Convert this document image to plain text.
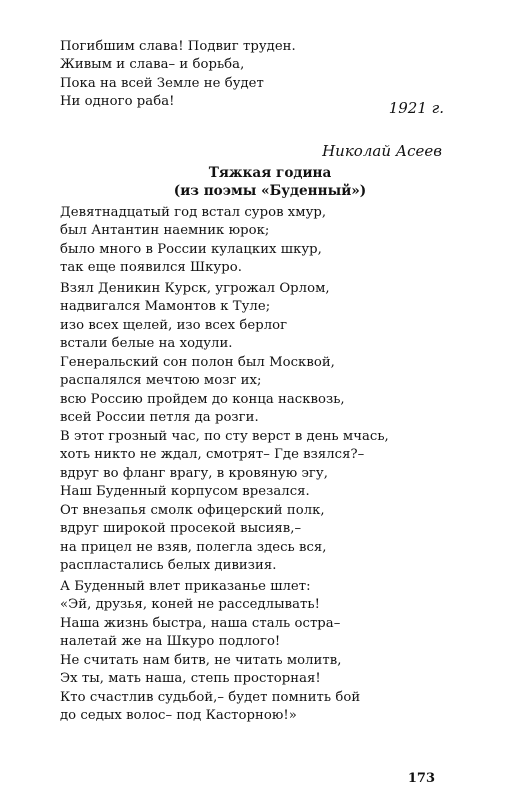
Погибшим слава! Подвиг труден.
Живым и слава– и борьба,
Пока на всей Земле не будет
Ни одного раба!	1921 г.
Николай Асеев
Тяжкая година
(из поэмы «Буденный»)
Девятнадцатый год встал суров хмур,
был Антантин наемник юрок;
было много в России кулацких шкур,
так еще появился Шкуро.
Взял Деникин Курск, угрожал Орлом,
надвигался Мамонтов к Туле;
изо всех щелей, изо всех берлог
встали белые на ходули.
Генеральский сон полон был Москвой,
распалялся мечтою мозг их;
всю Россию пройдем до конца насквозь,
всей России петля да розги.
В этот грозный час, по сту верст в день мчась,
хоть никто не ждал, смотрят– Где взялся?–
вдруг во фланг врагу, в кровяную эгу,
Наш Буденный корпусом врезался.
От внезапья смолк офицерский полк,
вдруг широкой просекой высияв,–
на прицел не взяв, полегла здесь вся,
распластались белых дивизия.
А Буденный влет приказанье шлет:
«Эй, друзья, коней не расседлывать!
Наша жизнь быстра, наша сталь остра–
налетай же на Шкуро подлого!
Не считать нам битв, не читать молитв,
Эх ты, мать наша, степь просторная!
Кто счастлив судьбой,– будет помнить бой
до седых волос– под Касторною!»
173
